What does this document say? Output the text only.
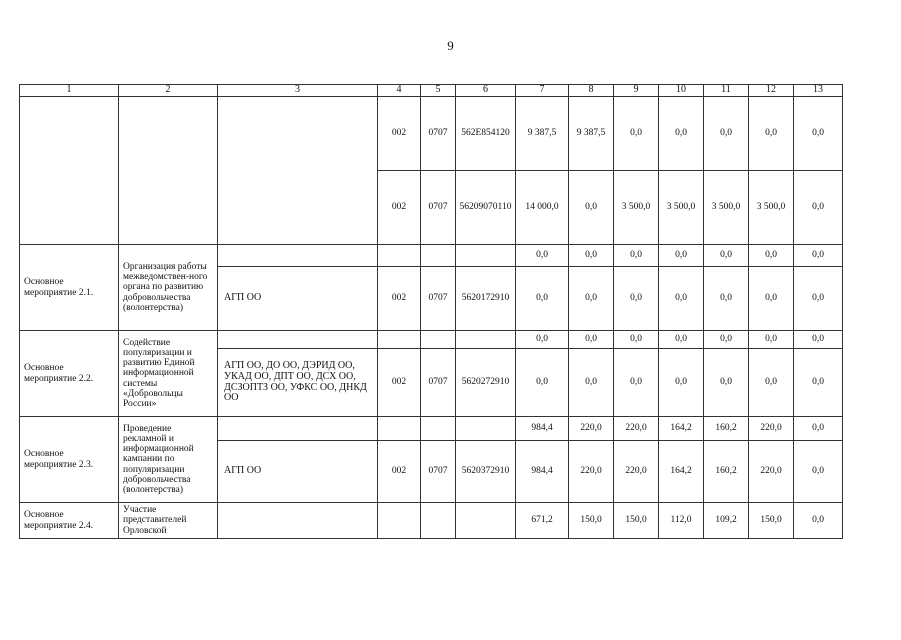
9
1	2	3	4	5	6	7	8	9	10	11	12	13
			002	0707	562E854120	9 387,5	9 387,5	0,0	0,0	0,0	0,0	0,0
			002	0707	56209070110	14 000,0	0,0	3 500,0	3 500,0	3 500,0	3 500,0	0,0
Основное мероприятие 2.1.	Организация работы межведомствен-ного органа по развитию добровольчества (волонтерства)					0,0	0,0	0,0	0,0	0,0	0,0	0,0
		АГП ОО	002	0707	5620172910	0,0	0,0	0,0	0,0	0,0	0,0	0,0
Основное мероприятие 2.2.	Содействие популяризации и развитию Единой информационной системы «Добровольцы России»					0,0	0,0	0,0	0,0	0,0	0,0	0,0
		АГП ОО, ДО ОО, ДЭРИД ОО, УКАД ОО, ДПТ ОО, ДСХ ОО, ДСЗОПТЗ ОО, УФКС ОО, ДНКД ОО	002	0707	5620272910	0,0	0,0	0,0	0,0	0,0	0,0	0,0
Основное мероприятие 2.3.	Проведение рекламной и информационной кампании по популяризации добровольчества (волонтерства)					984,4	220,0	220,0	164,2	160,2	220,0	0,0
		АГП ОО	002	0707	5620372910	984,4	220,0	220,0	164,2	160,2	220,0	0,0
Основное мероприятие 2.4.	Участие представителей Орловской					671,2	150,0	150,0	112,0	109,2	150,0	0,0
